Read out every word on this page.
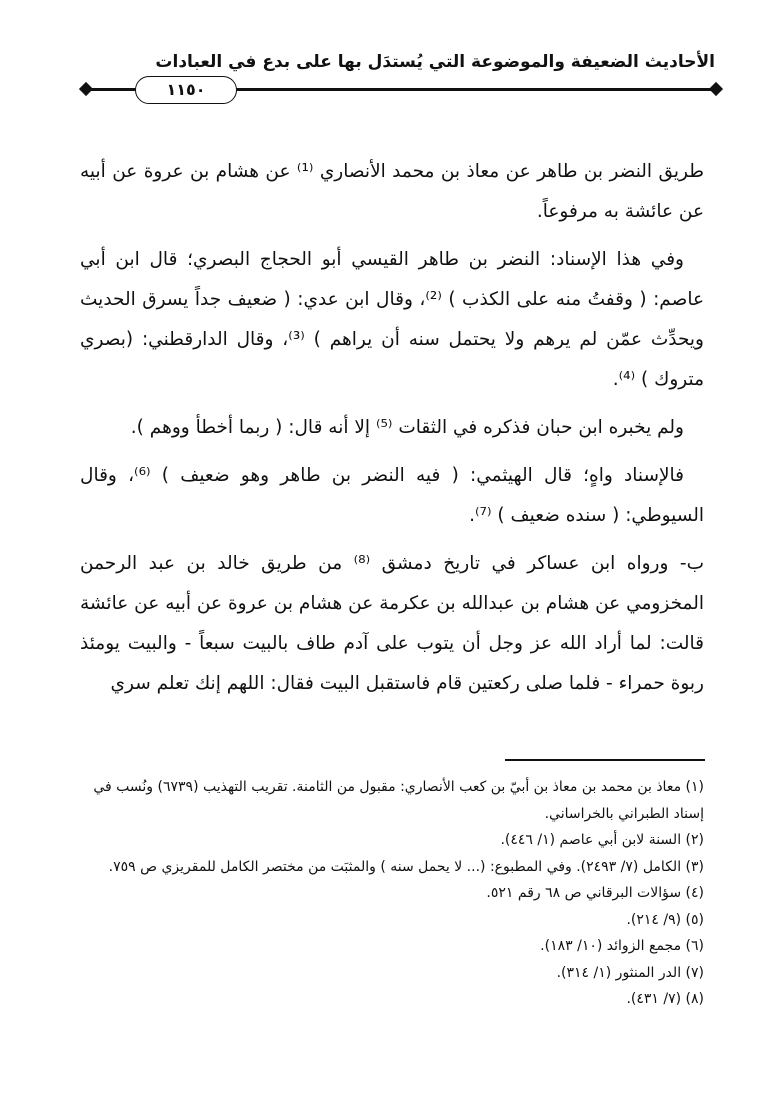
الأحاديث الضعيفة والموضوعة التي يُستدَل بها على بدع في العبادات
١١٥٠

طريق النضر بن طاهر عن معاذ بن محمد الأنصاري ⁽¹⁾ عن هشام بن عروة عن أبيه عن عائشة به مرفوعاً.

وفي هذا الإسناد: النضر بن طاهر القيسي أبو الحجاج البصري؛ قال ابن أبي عاصم: ( وقفتُ منه على الكذب ) ⁽²⁾، وقال ابن عدي: ( ضعيف جداً يسرق الحديث ويحدِّث عمّن لم يرهم ولا يحتمل سنه أن يراهم ) ⁽³⁾، وقال الدارقطني: (بصري متروك ) ⁽⁴⁾.

ولم يخبره ابن حبان فذكره في الثقات ⁽⁵⁾ إلا أنه قال: ( ربما أخطأ ووهم ).

فالإسناد واهٍ؛ قال الهيثمي: ( فيه النضر بن طاهر وهو ضعيف ) ⁽⁶⁾، وقال السيوطي: ( سنده ضعيف ) ⁽⁷⁾.

ب- ورواه ابن عساكر في تاريخ دمشق ⁽⁸⁾ من طريق خالد بن عبد الرحمن المخزومي عن هشام بن عبدالله بن عكرمة عن هشام بن عروة عن أبيه عن عائشة قالت: لما أراد الله عز وجل أن يتوب على آدم طاف بالبيت سبعاً - والبيت يومئذ ربوة حمراء - فلما صلى ركعتين قام فاستقبل البيت فقال: اللهم إنك تعلم سري

(١) معاذ بن محمد بن معاذ بن أبيّ بن كعب الأنصاري: مقبول من الثامنة. تقريب التهذيب (٦٧٣٩) ونُسب في إسناد الطبراني بالخراساني.

(٢) السنة لابن أبي عاصم (١/ ٤٤٦).

(٣) الكامل (٧/ ٢٤٩٣). وفي المطبوع: (... لا يحمل سنه ) والمثبَت من مختصر الكامل للمقريزي ص ٧٥٩.

(٤) سؤالات البرقاني ص ٦٨ رقم ٥٢١.

(٥) (٩/ ٢١٤).

(٦) مجمع الزوائد (١٠/ ١٨٣).

(٧) الدر المنثور (١/ ٣١٤).

(٨) (٧/ ٤٣١).
